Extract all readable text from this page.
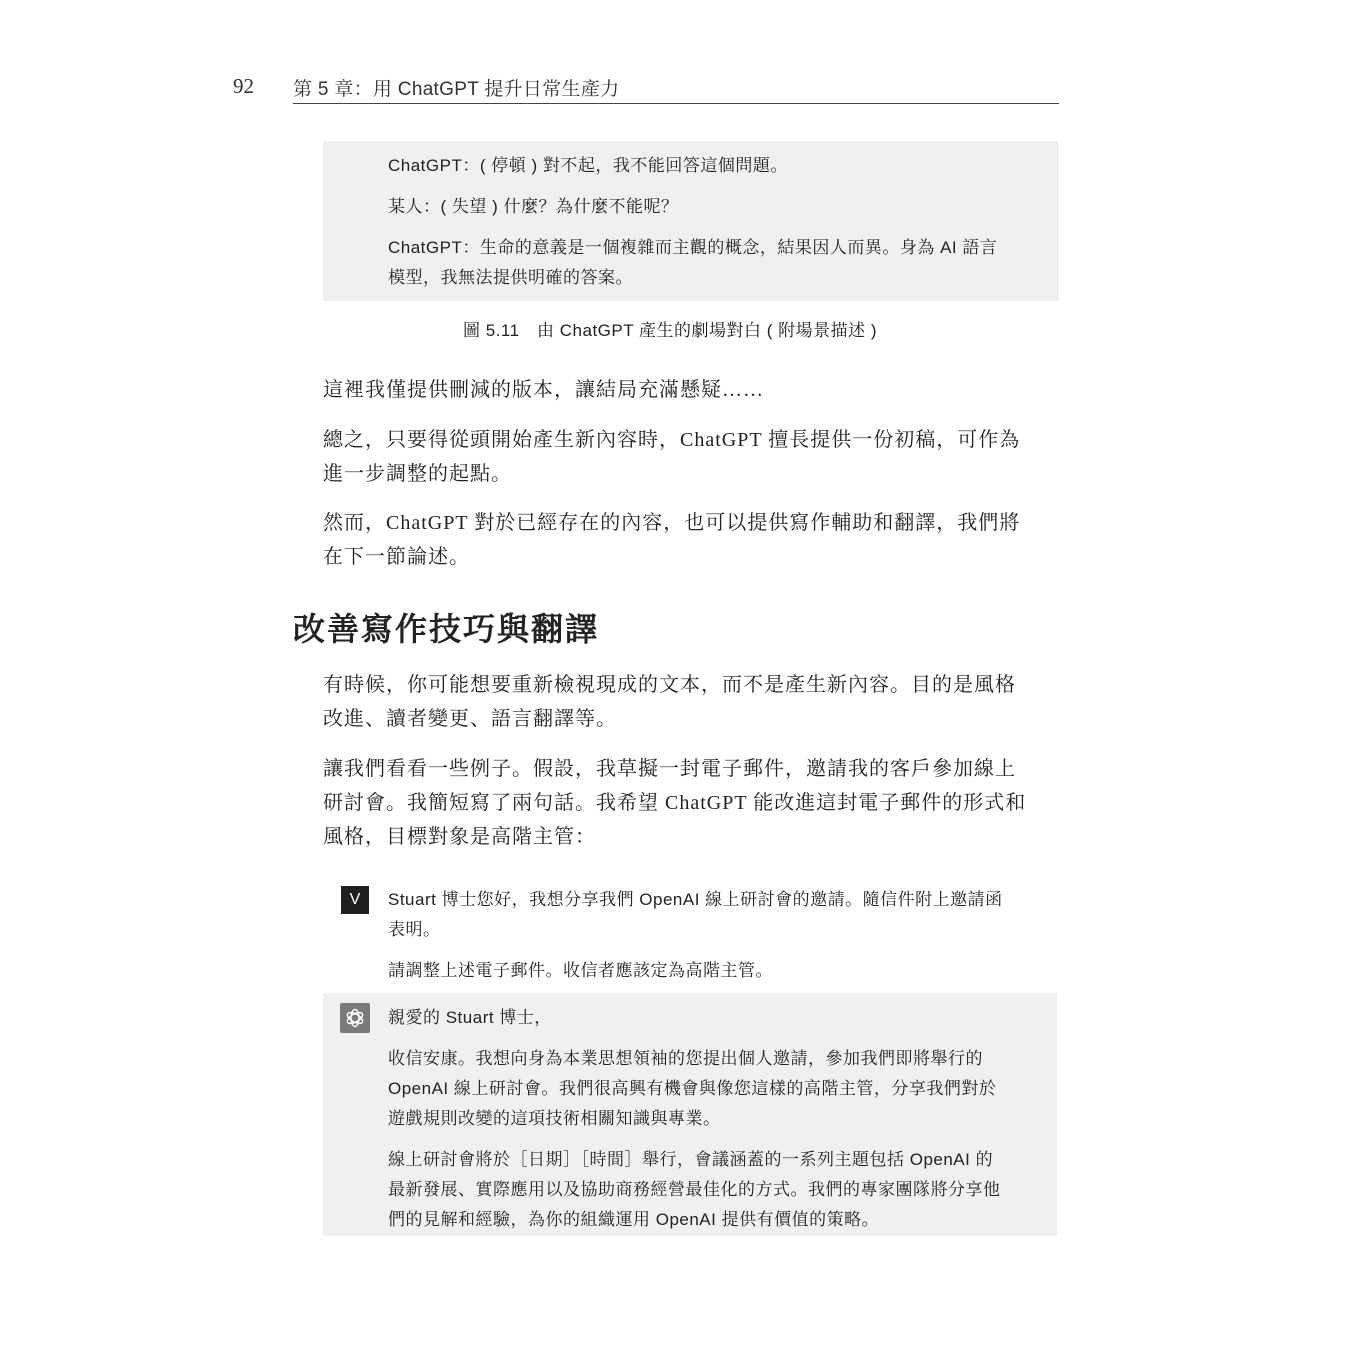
92 第 5 章：用 ChatGPT 提升日常生產力
ChatGPT：( 停頓 ) 對不起，我不能回答這個問題。
某人：( 失望 ) 什麼？為什麼不能呢？
ChatGPT：生命的意義是一個複雜而主觀的概念，結果因人而異。身為 AI 語言
模型，我無法提供明確的答案。
圖 5.11　由 ChatGPT 產生的劇場對白 ( 附場景描述 )
這裡我僅提供刪減的版本，讓結局充滿懸疑……
總之，只要得從頭開始產生新內容時，ChatGPT 擅長提供一份初稿，可作為
進一步調整的起點。
然而，ChatGPT 對於已經存在的內容，也可以提供寫作輔助和翻譯，我們將
在下一節論述。
改善寫作技巧與翻譯
有時候，你可能想要重新檢視現成的文本，而不是產生新內容。目的是風格
改進、讀者變更、語言翻譯等。
讓我們看看一些例子。假設，我草擬一封電子郵件，邀請我的客戶參加線上
研討會。我簡短寫了兩句話。我希望 ChatGPT 能改進這封電子郵件的形式和
風格，目標對象是高階主管：
V	Stuart 博士您好，我想分享我們 OpenAI 線上研討會的邀請。隨信件附上邀請函
表明。
請調整上述電子郵件。收信者應該定為高階主管。
親愛的 Stuart 博士，
收信安康。我想向身為本業思想領袖的您提出個人邀請，參加我們即將舉行的
OpenAI 線上研討會。我們很高興有機會與像您這樣的高階主管，分享我們對於
遊戲規則改變的這項技術相關知識與專業。
線上研討會將於［日期］［時間］舉行，會議涵蓋的一系列主題包括 OpenAI 的
最新發展、實際應用以及協助商務經營最佳化的方式。我們的專家團隊將分享他
們的見解和經驗，為你的組織運用 OpenAI 提供有價值的策略。
